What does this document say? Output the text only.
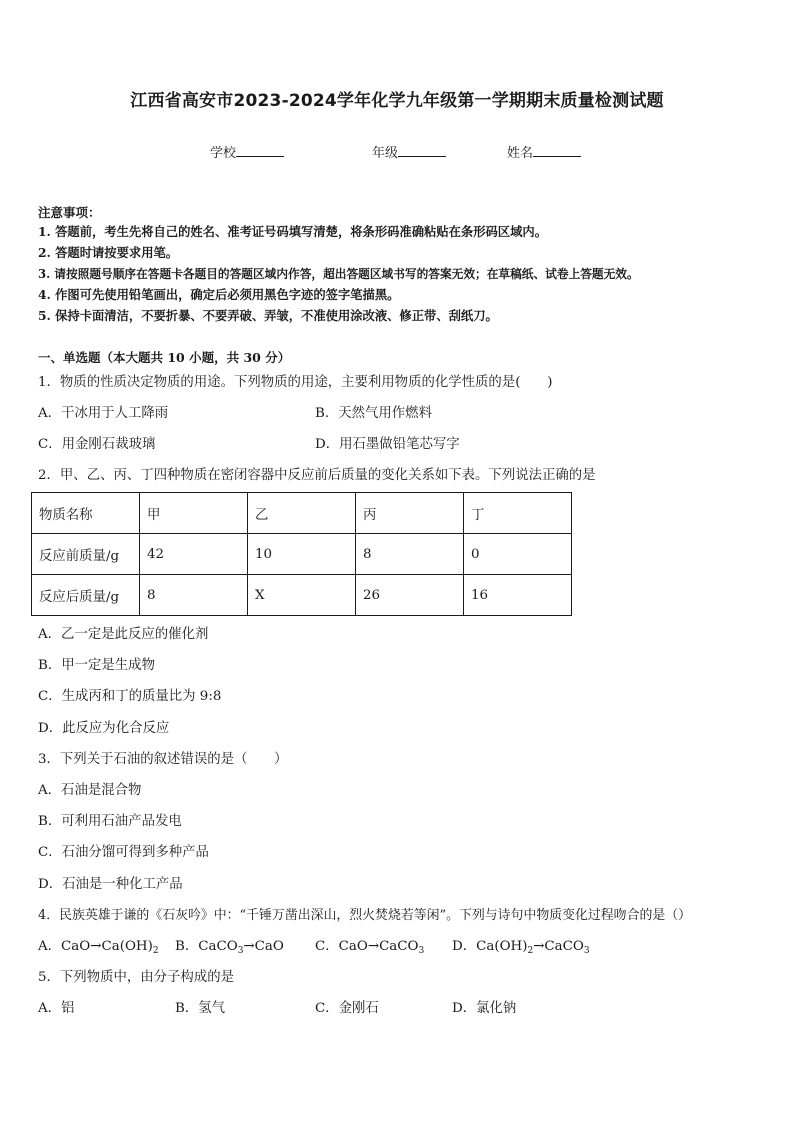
江西省高安市2023-2024学年化学九年级第一学期期末质量检测试题
学校	年级	姓名
注意事项：
1. 答题前，考生先将自己的姓名、准考证号码填写清楚，将条形码准确粘贴在条形码区域内。
2. 答题时请按要求用笔。
3. 请按照题号顺序在答题卡各题目的答题区域内作答，超出答题区域书写的答案无效；在草稿纸、试卷上答题无效。
4. 作图可先使用铅笔画出，确定后必须用黑色字迹的签字笔描黑。
5. 保持卡面清洁，不要折暴、不要弄破、弄皱，不准使用涂改液、修正带、刮纸刀。
一、单选题（本大题共 10 小题，共 30 分）
1．物质的性质决定物质的用途。下列物质的用途，主要利用物质的化学性质的是(　　)
A．干冰用于人工降雨	B．天然气用作燃料
C．用金刚石裁玻璃	D．用石墨做铅笔芯写字
2．甲、乙、丙、丁四种物质在密闭容器中反应前后质量的变化关系如下表。下列说法正确的是
物质名称	甲	乙	丙	丁
反应前质量/g	42	10	8	0
反应后质量/g	8	X	26	16
A．乙一定是此反应的催化剂
B．甲一定是生成物
C．生成丙和丁的质量比为 9:8
D．此反应为化合反应
3．下列关于石油的叙述错误的是（　　）
A．石油是混合物
B．可利用石油产品发电
C．石油分馏可得到多种产品
D．石油是一种化工产品
4．民族英雄于谦的《石灰吟》中：“千锤万凿出深山，烈火焚烧若等闲”。下列与诗句中物质变化过程吻合的是（）
A．$CaO\to Ca(OH)_2$ B．CaCO$_3$→CaO C．CaO→CaCO$_3$ D．$Ca(OH)_2\to CaCO_3$
5．下列物质中，由分子构成的是
A．铝	B．氢气	C．金刚石	D．氯化钠
